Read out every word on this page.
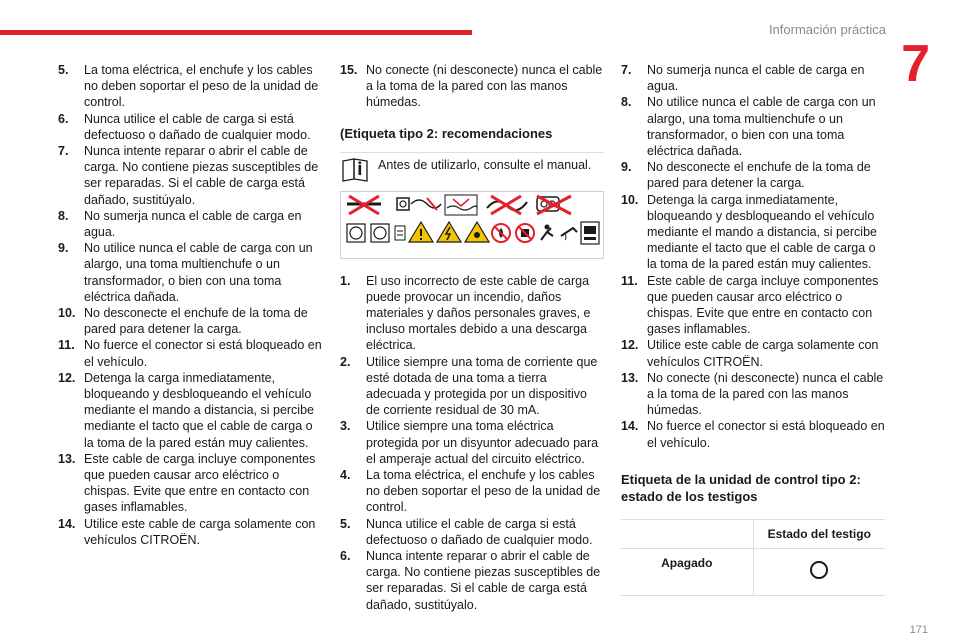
Información práctica
7
5.	La toma eléctrica, el enchufe y los cables no deben soportar el peso de la unidad de control.
6.	Nunca utilice el cable de carga si está defectuoso o dañado de cualquier modo.
7.	Nunca intente reparar o abrir el cable de carga. No contiene piezas susceptibles de ser reparadas. Si el cable de carga está dañado, sustitúyalo.
8.	No sumerja nunca el cable de carga en agua.
9.	No utilice nunca el cable de carga con un alargo, una toma multienchufe o un transformador, o bien con una toma eléctrica dañada.
10. No desconecte el enchufe de la toma de pared para detener la carga.
11. No fuerce el conector si está bloqueado en el vehículo.
12. Detenga la carga inmediatamente, bloqueando y desbloqueando el vehículo mediante el mando a distancia, si percibe mediante el tacto que el cable de carga o la toma de la pared están muy calientes.
13. Este cable de carga incluye componentes que pueden causar arco eléctrico o chispas. Evite que entre en contacto con gases inflamables.
14. Utilice este cable de carga solamente con vehículos CITROËN.
15. No conecte (ni desconecte) nunca el cable a la toma de la pared con las manos húmedas.
(Etiqueta tipo 2: recomendaciones
Antes de utilizarlo, consulte el manual.
1.	El uso incorrecto de este cable de carga puede provocar un incendio, daños materiales y daños personales graves, e incluso mortales debido a una descarga eléctrica.
2.	Utilice siempre una toma de corriente que esté dotada de una toma a tierra adecuada y protegida por un dispositivo de corriente residual de 30 mA.
3.	Utilice siempre una toma eléctrica protegida por un disyuntor adecuado para el amperaje actual del circuito eléctrico.
4.	La toma eléctrica, el enchufe y los cables no deben soportar el peso de la unidad de control.
5.	Nunca utilice el cable de carga si está defectuoso o dañado de cualquier modo.
6.	Nunca intente reparar o abrir el cable de carga. No contiene piezas susceptibles de ser reparadas. Si el cable de carga está dañado, sustitúyalo.
7.	No sumerja nunca el cable de carga en agua.
8.	No utilice nunca el cable de carga con un alargo, una toma multienchufe o un transformador, o bien con una toma eléctrica dañada.
9.	No desconecte el enchufe de la toma de pared para detener la carga.
10. Detenga la carga inmediatamente, bloqueando y desbloqueando el vehículo mediante el mando a distancia, si percibe mediante el tacto que el cable de carga o la toma de la pared están muy calientes.
11. Este cable de carga incluye componentes que pueden causar arco eléctrico o chispas. Evite que entre en contacto con gases inflamables.
12. Utilice este cable de carga solamente con vehículos CITROËN.
13. No conecte (ni desconecte) nunca el cable a la toma de la pared con las manos húmedas.
14. No fuerce el conector si está bloqueado en el vehículo.
Etiqueta de la unidad de control tipo 2: estado de los testigos
Estado del testigo
Apagado
171
